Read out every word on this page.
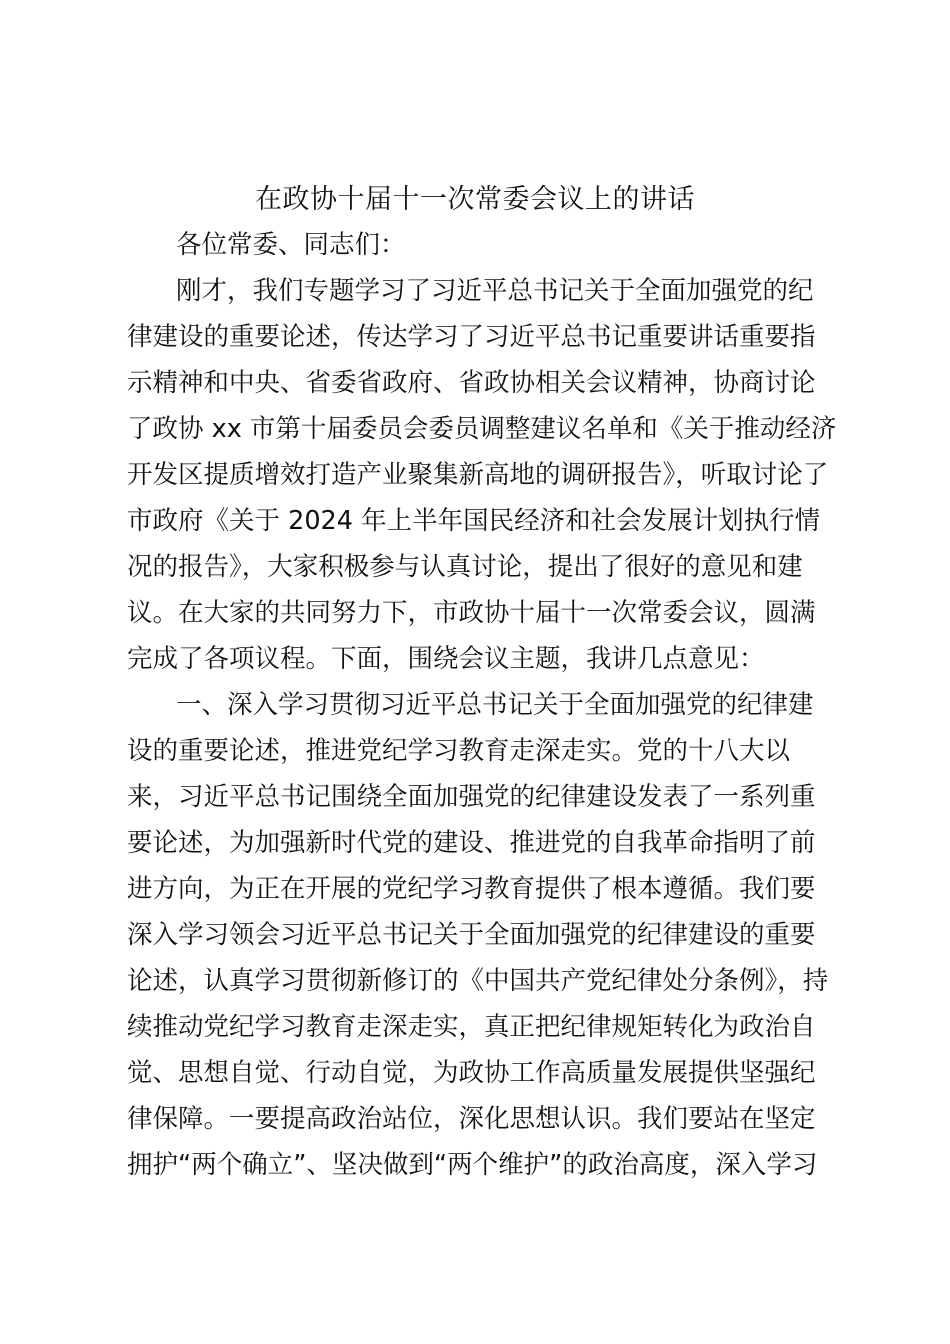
在政协十届十一次常委会议上的讲话
各位常委、同志们：
刚才，我们专题学习了习近平总书记关于全面加强党的纪
律建设的重要论述，传达学习了习近平总书记重要讲话重要指
示精神和中央、省委省政府、省政协相关会议精神，协商讨论
了政协 xx 市第十届委员会委员调整建议名单和《关于推动经济
开发区提质增效打造产业聚集新高地的调研报告》，听取讨论了
市政府《关于 2024 年上半年国民经济和社会发展计划执行情
况的报告》，大家积极参与认真讨论，提出了很好的意见和建
议。在大家的共同努力下，市政协十届十一次常委会议，圆满
完成了各项议程。下面，围绕会议主题，我讲几点意见：
一、深入学习贯彻习近平总书记关于全面加强党的纪律建
设的重要论述，推进党纪学习教育走深走实。党的十八大以
来，习近平总书记围绕全面加强党的纪律建设发表了一系列重
要论述，为加强新时代党的建设、推进党的自我革命指明了前
进方向，为正在开展的党纪学习教育提供了根本遵循。我们要
深入学习领会习近平总书记关于全面加强党的纪律建设的重要
论述，认真学习贯彻新修订的《中国共产党纪律处分条例》，持
续推动党纪学习教育走深走实，真正把纪律规矩转化为政治自
觉、思想自觉、行动自觉，为政协工作高质量发展提供坚强纪
律保障。一要提高政治站位，深化思想认识。我们要站在坚定
拥护“两个确立”、坚决做到“两个维护”的政治高度，深入学习
